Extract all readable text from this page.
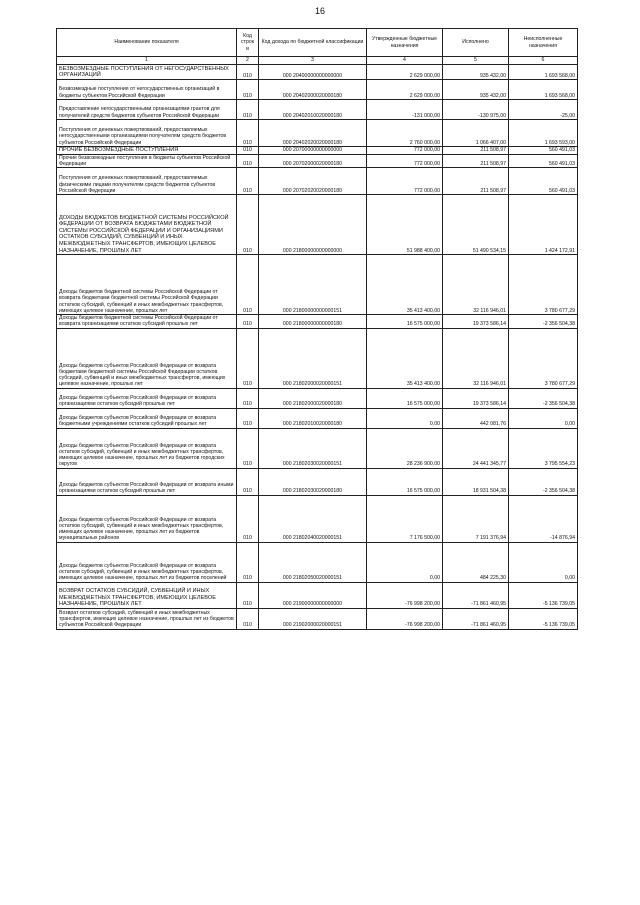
16
Наименование показателя	Код строк и	Код дохода по бюджетной классификации	Утвержденные бюджетные назначения	Исполнено	Неисполненные назначения
1	2	3	4	5	6
БЕЗВОЗМЕЗДНЫЕ ПОСТУПЛЕНИЯ ОТ НЕГОСУДАРСТВЕННЫХ ОРГАНИЗАЦИЙ	010	000 20400000000000000	2 629 000,00	935 432,00	1 693 568,00
Безвозмездные поступления от негосударственных организаций в бюджеты субъектов Российской Федерации	010	000 20402000020000180	2 629 000,00	935 432,00	1 693 568,00
Предоставление негосударственными организациями грантов для получателей средств бюджетов субъектов Российской Федерации	010	000 20402010020000180	-131 000,00	-130 975,00	-25,00
Поступления от денежных пожертвований, предоставляемых негосударственными организациями получателям средств бюджетов субъектов Российской Федерации	010	000 20402020020000180	2 760 000,00	1 066 407,00	1 693 593,00
ПРОЧИЕ БЕЗВОЗМЕЗДНЫЕ ПОСТУПЛЕНИЯ	010	000 20700000000000000	772 000,00	211 508,97	560 491,03
Прочие безвозмездные поступления в бюджеты субъектов Российской Федерации	010	000 20702000020000180	772 000,00	211 508,97	560 491,03
Поступления от денежных пожертвований, предоставляемых физическими лицами получателям средств бюджетов субъектов Российской Федерации	010	000 20702020020000180	772 000,00	211 508,97	560 491,03
ДОХОДЫ БЮДЖЕТОВ БЮДЖЕТНОЙ СИСТЕМЫ РОССИЙСКОЙ ФЕДЕРАЦИИ ОТ ВОЗВРАТА БЮДЖЕТАМИ БЮДЖЕТНОЙ СИСТЕМЫ РОССИЙСКОЙ ФЕДЕРАЦИИ И ОРГАНИЗАЦИЯМИ ОСТАТКОВ СУБСИДИЙ, СУБВЕНЦИЙ И ИНЫХ МЕЖБЮДЖЕТНЫХ ТРАНСФЕРТОВ, ИМЕЮЩИХ ЦЕЛЕВОЕ НАЗНАЧЕНИЕ, ПРОШЛЫХ ЛЕТ	010	000 21800000000000000	51 988 400,00	51 490 534,15	1 424 172,91
Доходы бюджетов бюджетной системы Российской Федерации от возврата бюджетами бюджетной системы Российской Федерации остатков субсидий, субвенций и иных межбюджетных трансфертов, имеющих целевое назначение, прошлых лет	010	000 21800000000000151	35 413 400,00	32 116 946,01	3 780 677,29
Доходы бюджетов бюджетной системы Российской Федерации от возврата организациями остатков субсидий прошлых лет	010	000 21800000000000180	16 575 000,00	19 373 586,14	-2 356 504,38
Доходы бюджетов субъектов Российской Федерации от возврата бюджетами бюджетной системы Российской Федерации остатков субсидий, субвенций и иных межбюджетных трансфертов, имеющих целевое назначение, прошлых лет	010	000 21802000020000151	35 413 400,00	32 116 946,01	3 780 677,29
Доходы бюджетов субъектов Российской Федерации от возврата организациями остатков субсидий прошлых лет	010	000 21802000020000180	16 575 000,00	19 373 586,14	-2 356 504,38
Доходы бюджетов субъектов Российской Федерации от возврата бюджетными учреждениями остатков субсидий прошлых лет	010	000 21802010020000180	0,00	442 081,76	0,00
Доходы бюджетов субъектов Российской Федерации от возврата остатков субсидий, субвенций и иных межбюджетных трансфертов, имеющих целевое назначение, прошлых лет из бюджетов городских округов	010	000 21802030020000151	28 236 900,00	24 441 345,77	3 795 554,23
Доходы бюджетов субъектов Российской Федерации от возврата иными организациями остатков субсидий прошлых лет	010	000 21802030020000180	16 575 000,00	18 931 504,38	-2 356 504,38
Доходы бюджетов субъектов Российской Федерации от возврата остатков субсидий, субвенций и иных межбюджетных трансфертов, имеющих целевое назначение, прошлых лет из бюджетов муниципальных районов	010	000 21802040020000151	7 176 500,00	7 191 376,94	-14 876,94
Доходы бюджетов субъектов Российской Федерации от возврата остатков субсидий, субвенций и иных межбюджетных трансфертов, имеющих целевое назначение, прошлых лет из бюджетов поселений	010	000 21802050020000151	0,00	484 225,30	0,00
ВОЗВРАТ ОСТАТКОВ СУБСИДИЙ, СУБВЕНЦИЙ И ИНЫХ МЕЖБЮДЖЕТНЫХ ТРАНСФЕРТОВ, ИМЕЮЩИХ ЦЕЛЕВОЕ НАЗНАЧЕНИЕ, ПРОШЛЫХ ЛЕТ	010	000 21900000000000000	-76 998 200,00	-71 861 460,95	-5 136 739,05
Возврат остатков субсидий, субвенций и иных межбюджетных трансфертов, имеющих целевое назначение, прошлых лет из бюджетов субъектов Российской Федерации	010	000 21902000020000151	-76 998 200,00	-71 861 460,95	-5 136 739,05
